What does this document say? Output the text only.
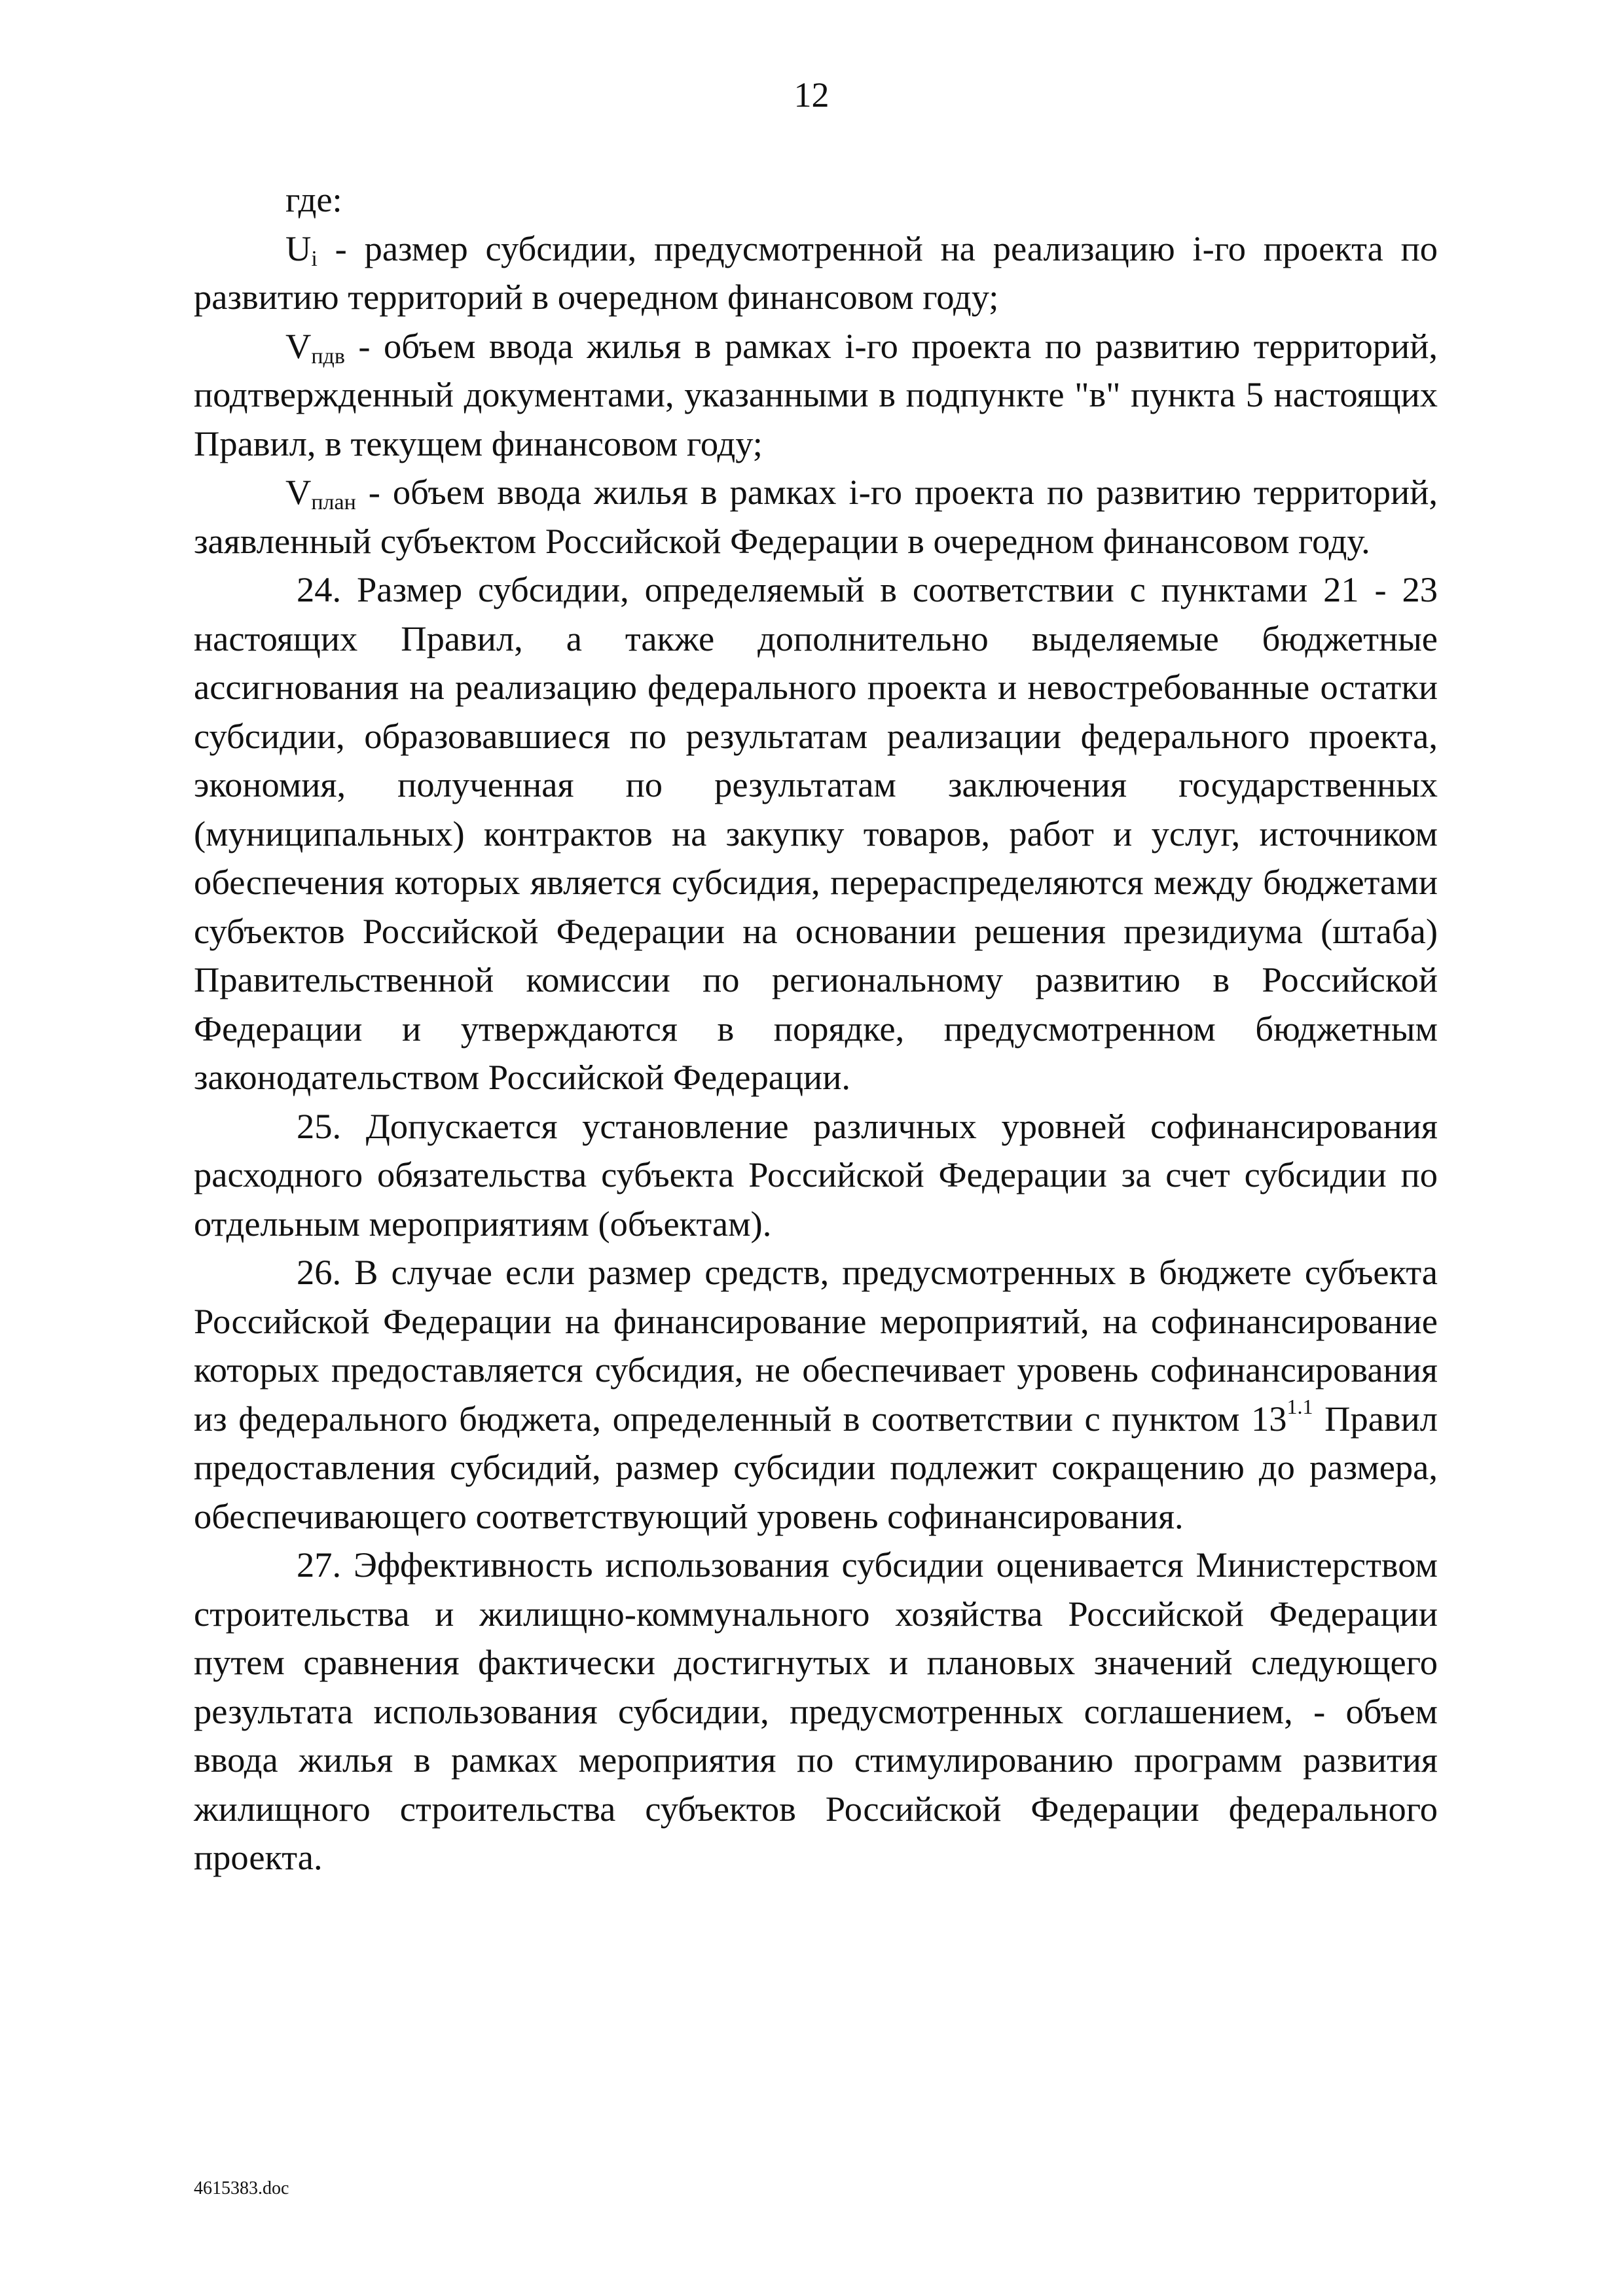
12

где:

$U_i$ - размер субсидии, предусмотренной на реализацию i-го проекта по развитию территорий в очередном финансовом году;

$V_{пдв}$ - объем ввода жилья в рамках i-го проекта по развитию территорий, подтвержденный документами, указанными в подпункте "в" пункта 5 настоящих Правил, в текущем финансовом году;

$V_{план}$ - объем ввода жилья в рамках i-го проекта по развитию территорий, заявленный субъектом Российской Федерации в очередном финансовом году.

24. Размер субсидии, определяемый в соответствии с пунктами 21 - 23 настоящих Правил, а также дополнительно выделяемые бюджетные ассигнования на реализацию федерального проекта и невостребованные остатки субсидии, образовавшиеся по результатам реализации федерального проекта, экономия, полученная по результатам заключения государственных (муниципальных) контрактов на закупку товаров, работ и услуг, источником обеспечения которых является субсидия, перераспределяются между бюджетами субъектов Российской Федерации на основании решения президиума (штаба) Правительственной комиссии по региональному развитию в Российской Федерации и утверждаются в порядке, предусмотренном бюджетным законодательством Российской Федерации.

25. Допускается установление различных уровней софинансирования расходного обязательства субъекта Российской Федерации за счет субсидии по отдельным мероприятиям (объектам).

26. В случае если размер средств, предусмотренных в бюджете субъекта Российской Федерации на финансирование мероприятий, на софинансирование которых предоставляется субсидия, не обеспечивает уровень софинансирования из федерального бюджета, определенный в соответствии с пунктом $13^{1.1}$ Правил предоставления субсидий, размер субсидии подлежит сокращению до размера, обеспечивающего соответствующий уровень софинансирования.

27. Эффективность использования субсидии оценивается Министерством строительства и жилищно-коммунального хозяйства Российской Федерации путем сравнения фактически достигнутых и плановых значений следующего результата использования субсидии, предусмотренных соглашением, - объем ввода жилья в рамках мероприятия по стимулированию программ развития жилищного строительства субъектов Российской Федерации федерального проекта.

4615383.doc
